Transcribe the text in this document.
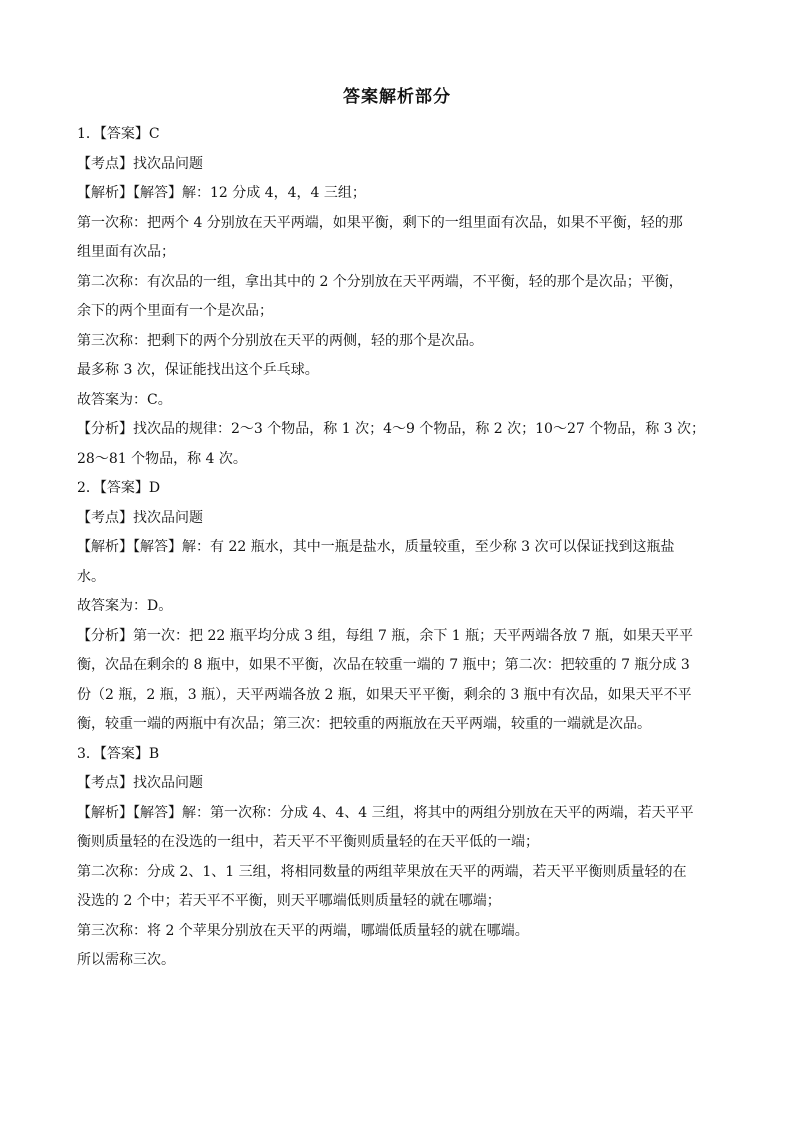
答案解析部分
1．【答案】C
【考点】找次品问题
【解析】【解答】解：12 分成 4，4，4 三组；
第一次称：把两个 4 分别放在天平两端，如果平衡，剩下的一组里面有次品，如果不平衡，轻的那
组里面有次品；
第二次称：有次品的一组，拿出其中的 2 个分别放在天平两端，不平衡，轻的那个是次品；平衡，
余下的两个里面有一个是次品；
第三次称：把剩下的两个分别放在天平的两侧，轻的那个是次品。
最多称 3 次，保证能找出这个乒乓球。
故答案为：C。
【分析】找次品的规律：2～3 个物品，称 1 次；4～9 个物品，称 2 次；10～27 个物品，称 3 次；
28～81 个物品，称 4 次。
2．【答案】D
【考点】找次品问题
【解析】【解答】解：有 22 瓶水，其中一瓶是盐水，质量较重，至少称 3 次可以保证找到这瓶盐
水。
故答案为：D。
【分析】第一次：把 22 瓶平均分成 3 组，每组 7 瓶，余下 1 瓶；天平两端各放 7 瓶，如果天平平
衡，次品在剩余的 8 瓶中，如果不平衡，次品在较重一端的 7 瓶中；第二次：把较重的 7 瓶分成 3
份（2 瓶，2 瓶，3 瓶），天平两端各放 2 瓶，如果天平平衡，剩余的 3 瓶中有次品，如果天平不平
衡，较重一端的两瓶中有次品；第三次：把较重的两瓶放在天平两端，较重的一端就是次品。
3．【答案】B
【考点】找次品问题
【解析】【解答】解：第一次称：分成 4、4、4 三组，将其中的两组分别放在天平的两端，若天平平
衡则质量轻的在没选的一组中，若天平不平衡则质量轻的在天平低的一端；
第二次称：分成 2、1、1 三组，将相同数量的两组苹果放在天平的两端，若天平平衡则质量轻的在
没选的 2 个中；若天平不平衡，则天平哪端低则质量轻的就在哪端；
第三次称：将 2 个苹果分别放在天平的两端，哪端低质量轻的就在哪端。
所以需称三次。
